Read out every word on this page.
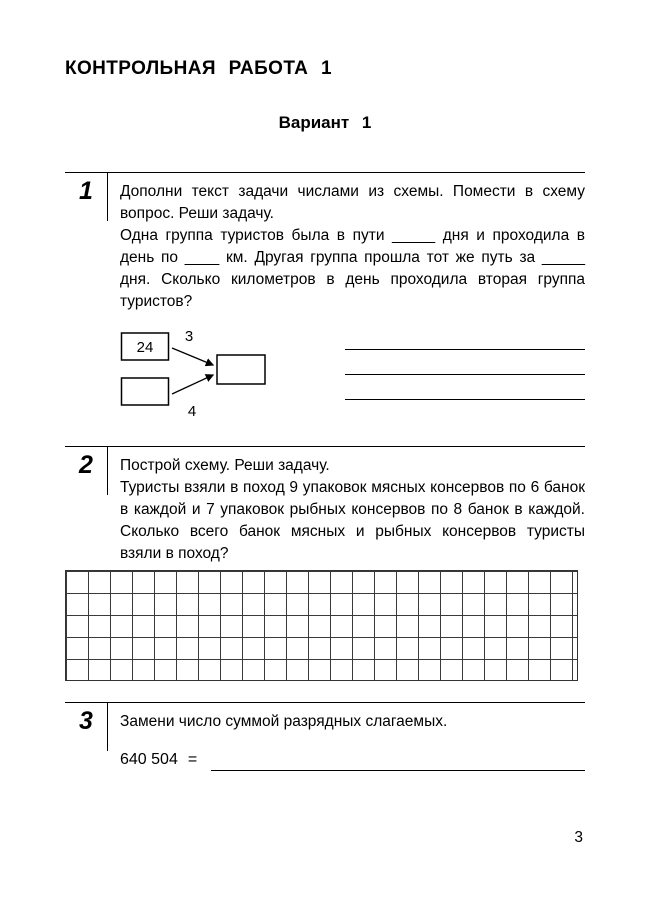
КОНТРОЛЬНАЯ РАБОТА 1
Вариант 1
1 Дополни текст задачи числами из схемы. Помести в схему вопрос. Реши задачу.

Одна группа туристов была в пути _____ дня и проходила в день по ____ км. Другая группа прошла тот же путь за _____ дня. Сколько километров в день проходила вторая группа туристов?

24
3
4
2 Построй схему. Реши задачу.

Туристы взяли в поход 9 упаковок мясных консервов по 6 банок в каждой и 7 упаковок рыбных консервов по 8 банок в каждой. Сколько всего банок мясных и рыбных консервов туристы взяли в поход?

3 Замени число суммой разрядных слагаемых.

640 504 =
3
